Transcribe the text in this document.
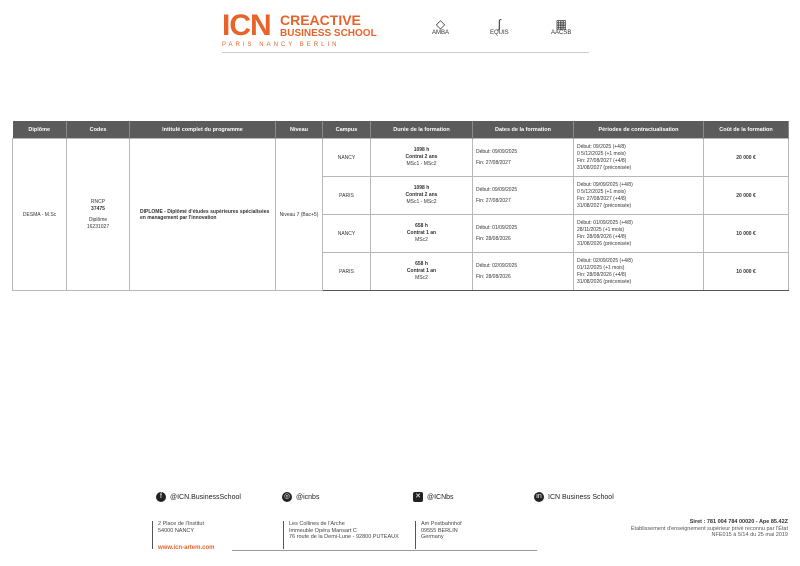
ICN CREACTIVE
BUSINESS SCHOOL
PARIS NANCY BERLIN
◇
AMBA
∫
EQUIS
▦
AACSB
Diplôme	Codes	Intitulé complet du programme	Niveau	Campus	Durée de la formation	Dates de la formation	Périodes de contractualisation	Coût de la formation
DESMA - M.Sc	RNCP
37475
Diplôme
16231027	DIPLOME - Diplômé d'études supérieures spécialisées en management par l'innovation	Niveau 7 (Bac+5)	NANCY	1098 h
Contrat 2 ans
MSc1 - MSc2	Début: 09/09/2025
Fin: 27/08/2027	Début: 09/2025 (+4/8)
0 5/12/2025 (+1 mois)
Fin: 27/08/2027 (+4/8)
31/08/2027 (préconisée)	20 000 €
				PARIS	1098 h
Contrat 2 ans
MSc1 - MSc2	Début: 09/09/2025
Fin: 27/08/2027	Début: 09/09/2025 (+4/8)
0 5/12/2025 (+1 mois)
Fin: 27/08/2027 (+4/8)
31/08/2027 (préconisée)	20 000 €
				NANCY	658 h
Contrat 1 an
MSc2	Début: 01/09/2025
Fin: 28/08/2026	Début: 01/09/2025 (+4/8)
28/11/2025 (+1 mois)
Fin: 28/08/2026 (+4/8)
31/08/2026 (préconisée)	10 000 €
				PARIS	658 h
Contrat 1 an
MSc2	Début: 02/09/2025
Fin: 28/08/2026	Début: 02/09/2025 (+4/8)
01/12/2025 (+1 mois)
Fin: 28/08/2026 (+4/8)
31/08/2026 (préconisée)	10 000 €
f @ICN.BusinessSchool	◎ @icnbs	✕ @ICNbs	in ICN Business School
2 Place de l'Institut
54000 NANCY
Les Collines de l'Arche
Immeuble Opéra Mansart C
76 route de la Demi-Lune - 92800 PUTEAUX
Am Postbahnhof
09555 BERLIN
Germany
Siret : 781 004 784 00020 - Ape 85.42Z
Établissement d'enseignement supérieur privé reconnu par l'État
NFE015 à 5/14 du 25 mai 2019
www.icn-artem.com
